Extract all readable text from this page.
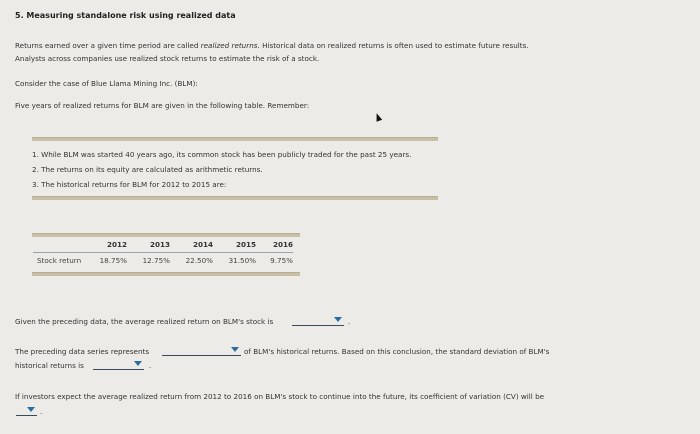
5. Measuring standalone risk using realized data
Returns earned over a given time period are called realized returns. Historical data on realized returns is often used to estimate future results.
Analysts across companies use realized stock returns to estimate the risk of a stock.
Consider the case of Blue Llama Mining Inc. (BLM):
Five years of realized returns for BLM are given in the following table. Remember:
1. While BLM was started 40 years ago, its common stock has been publicly traded for the past 25 years.
2. The returns on its equity are calculated as arithmetic returns.
3. The historical returns for BLM for 2012 to 2015 are:
	2012	2013	2014	2015	2016
Stock return	18.75%	12.75%	22.50%	31.50%	9.75%
Given the preceding data, the average realized return on BLM's stock is	.
The preceding data series represents	of BLM's historical returns. Based on this conclusion, the standard deviation of BLM's
historical returns is	.
If investors expect the average realized return from 2012 to 2016 on BLM's stock to continue into the future, its coefficient of variation (CV) will be
.
